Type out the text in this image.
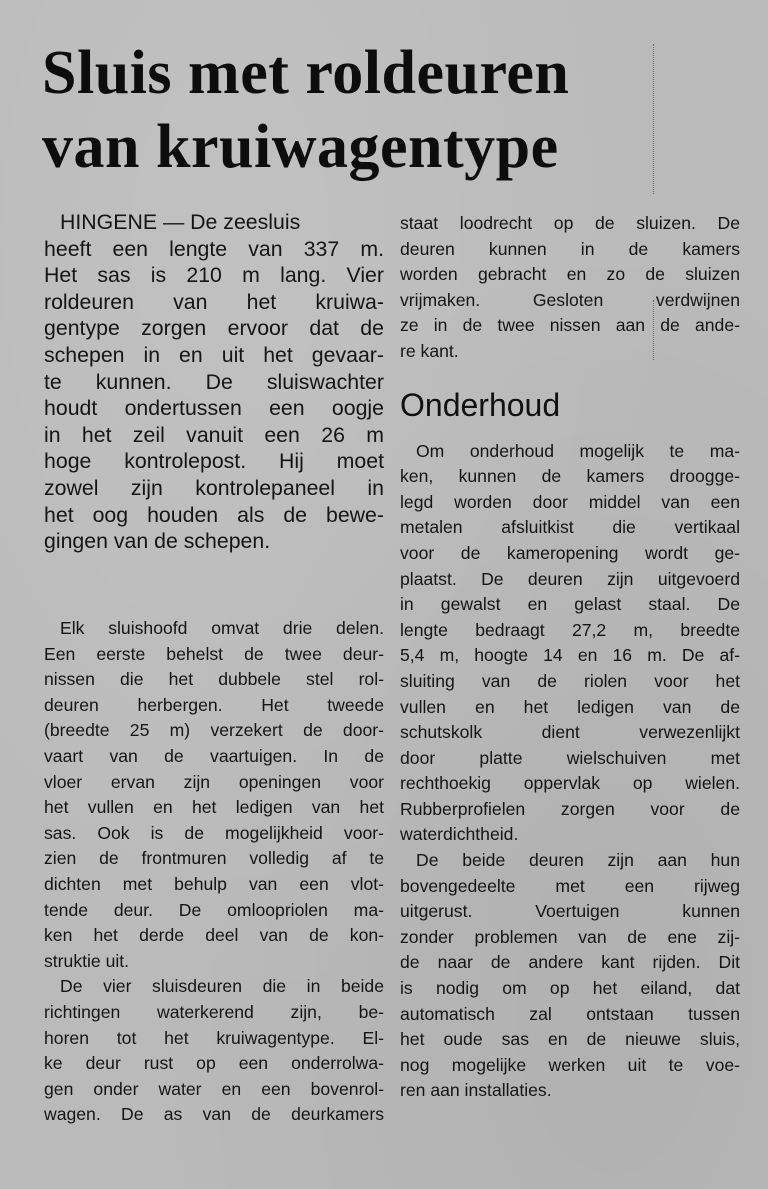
Sluis met roldeuren
van kruiwagentype
HINGENE — De zeesluis
heeft een lengte van 337 m.
Het sas is 210 m lang. Vier
roldeuren van het kruiwa-
gentype zorgen ervoor dat de
schepen in en uit het gevaar-
te kunnen. De sluiswachter
houdt ondertussen een oogje
in het zeil vanuit een 26 m
hoge kontrolepost. Hij moet
zowel zijn kontrolepaneel in
het oog houden als de bewe-
gingen van de schepen.
Elk sluishoofd omvat drie delen.
Een eerste behelst de twee deur-
nissen die het dubbele stel rol-
deuren herbergen. Het tweede
(breedte 25 m) verzekert de door-
vaart van de vaartuigen. In de
vloer ervan zijn openingen voor
het vullen en het ledigen van het
sas. Ook is de mogelijkheid voor-
zien de frontmuren volledig af te
dichten met behulp van een vlot-
tende deur. De omloopriolen ma-
ken het derde deel van de kon-
struktie uit.
De vier sluisdeuren die in beide
richtingen waterkerend zijn, be-
horen tot het kruiwagentype. El-
ke deur rust op een onderrolwa-
gen onder water en een bovenrol-
wagen. De as van de deurkamers
staat loodrecht op de sluizen. De
deuren kunnen in de kamers
worden gebracht en zo de sluizen
vrijmaken. Gesloten verdwijnen
ze in de twee nissen aan de ande-
re kant.
Onderhoud
Om onderhoud mogelijk te ma-
ken, kunnen de kamers droogge-
legd worden door middel van een
metalen afsluitkist die vertikaal
voor de kameropening wordt ge-
plaatst. De deuren zijn uitgevoerd
in gewalst en gelast staal. De
lengte bedraagt 27,2 m, breedte
5,4 m, hoogte 14 en 16 m. De af-
sluiting van de riolen voor het
vullen en het ledigen van de
schutskolk dient verwezenlijkt
door platte wielschuiven met
rechthoekig oppervlak op wielen.
Rubberprofielen zorgen voor de
waterdichtheid.
De beide deuren zijn aan hun
bovengedeelte met een rijweg
uitgerust. Voertuigen kunnen
zonder problemen van de ene zij-
de naar de andere kant rijden. Dit
is nodig om op het eiland, dat
automatisch zal ontstaan tussen
het oude sas en de nieuwe sluis,
nog mogelijke werken uit te voe-
ren aan installaties.
